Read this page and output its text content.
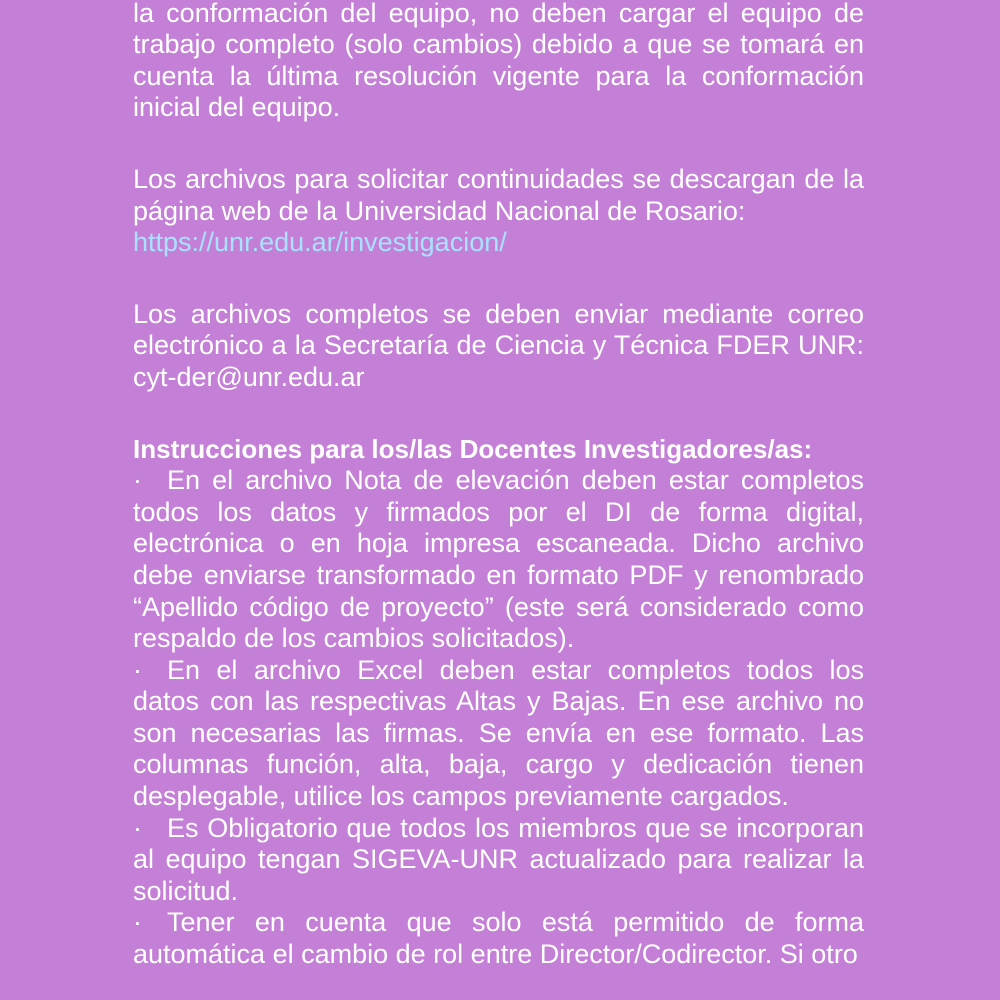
la conformación del equipo, no deben cargar el equipo de trabajo completo (solo cambios) debido a que se tomará en cuenta la última resolución vigente para la conformación inicial del equipo.

Los archivos para solicitar continuidades se descargan de la página web de la Universidad Nacional de Rosario:
https://unr.edu.ar/investigacion/

Los archivos completos se deben enviar mediante correo electrónico a la Secretaría de Ciencia y Técnica FDER UNR: cyt-der@unr.edu.ar

Instrucciones para los/las Docentes Investigadores/as:

· En el archivo Nota de elevación deben estar completos todos los datos y firmados por el DI de forma digital, electrónica o en hoja impresa escaneada. Dicho archivo debe enviarse transformado en formato PDF y renombrado “Apellido código de proyecto” (este será considerado como respaldo de los cambios solicitados).

· En el archivo Excel deben estar completos todos los datos con las respectivas Altas y Bajas. En ese archivo no son necesarias las firmas. Se envía en ese formato. Las columnas función, alta, baja, cargo y dedicación tienen desplegable, utilice los campos previamente cargados.

· Es Obligatorio que todos los miembros que se incorporan al equipo tengan SIGEVA-UNR actualizado para realizar la solicitud.

· Tener en cuenta que solo está permitido de forma automática el cambio de rol entre Director/Codirector. Si otro
